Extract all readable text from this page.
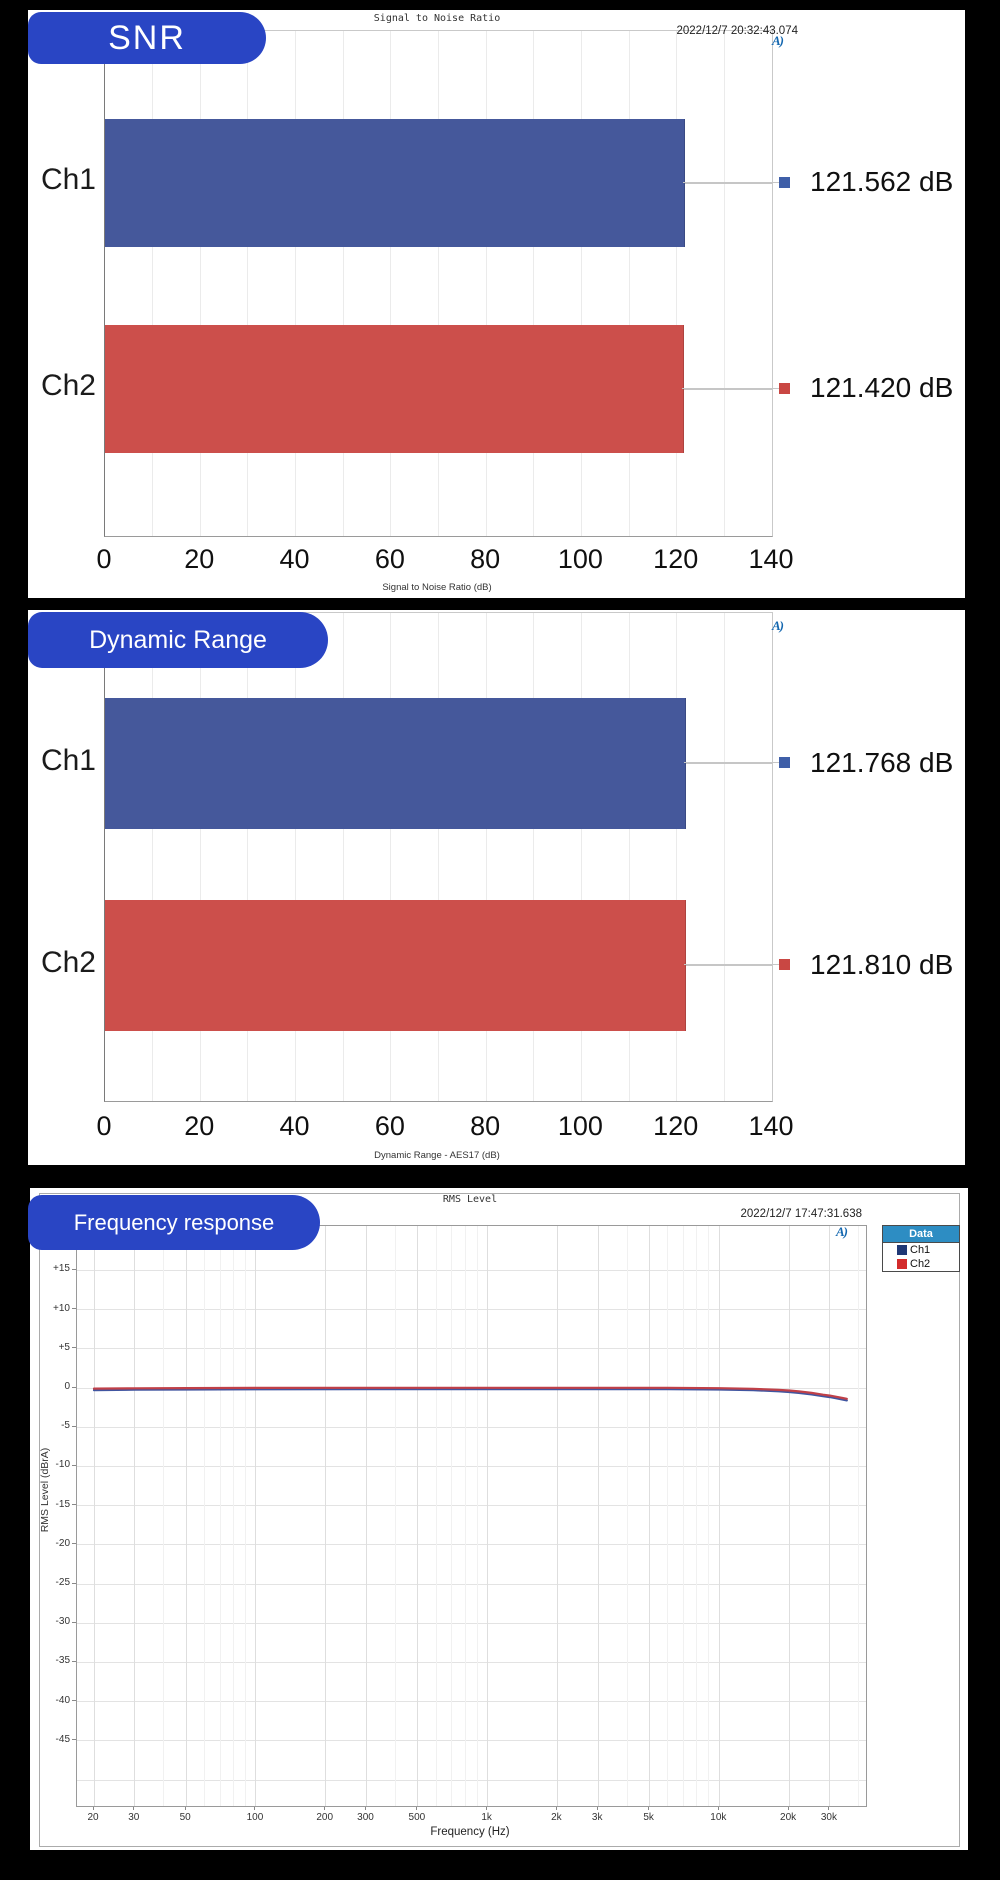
SNR	Signal to Noise Ratio
2022/12/7 20:32:43.074
A)
Signal to Noise Ratio (dB)
Ch1	121.562 dB
Ch2	121.420 dB
0	20	40	60	80	100	120	140
Dynamic Range	A)
Dynamic Range - AES17 (dB)
Ch1	121.768 dB
Ch2	121.810 dB
0	20	40	60	80	100	120	140
Frequency response
RMS Level
2022/12/7 17:47:31.638
A)	Data
Ch1
Ch2
RMS Level (dBrA)
Frequency (Hz)
+15
+10
+5
0
-5
-10
-15
-20
-25
-30
-35
-40
-45
20	30	50	100	200	300	500	1k	2k	3k	5k	10k	20k	30k
